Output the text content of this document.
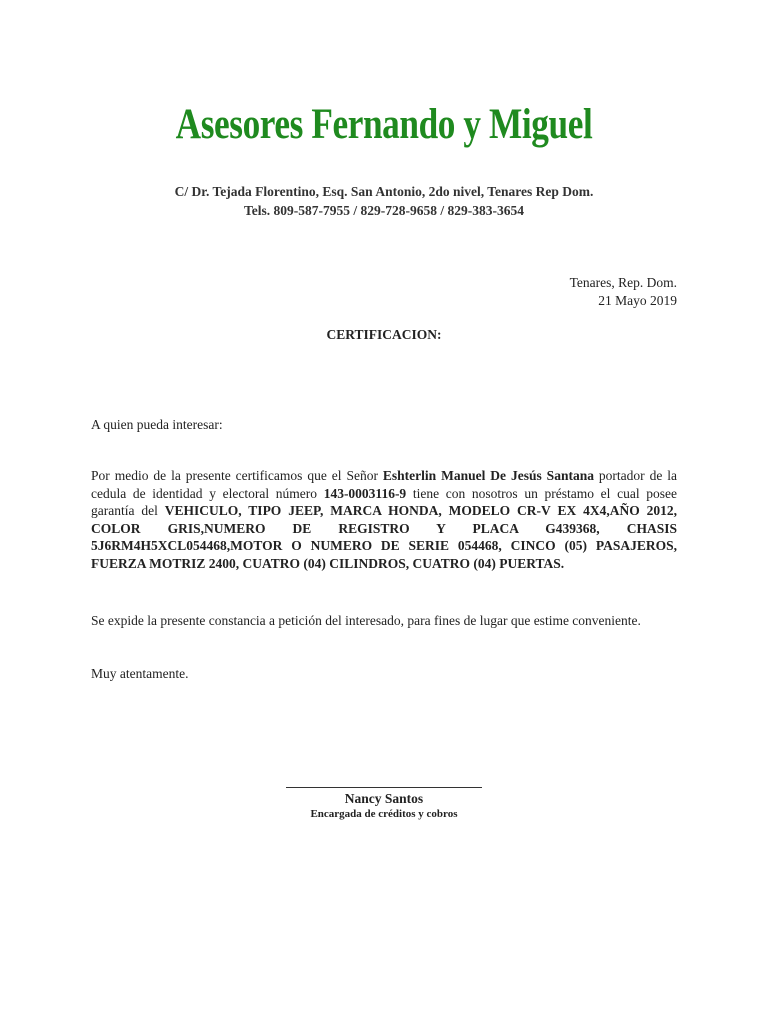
Asesores Fernando y Miguel
C/ Dr. Tejada Florentino, Esq. San Antonio, 2do nivel, Tenares Rep Dom.
Tels. 809-587-7955 / 829-728-9658 / 829-383-3654
Tenares, Rep. Dom.
21 Mayo 2019
CERTIFICACION:
A quien pueda interesar:
Por medio de la presente certificamos que el Señor Eshterlin Manuel De Jesús Santana portador de la cedula de identidad y electoral número 143-0003116-9 tiene con nosotros un préstamo el cual posee garantía del VEHICULO, TIPO JEEP, MARCA HONDA, MODELO CR-V EX 4X4,AÑO 2012, COLOR GRIS,NUMERO DE REGISTRO Y PLACA G439368, CHASIS 5J6RM4H5XCL054468,MOTOR O NUMERO DE SERIE 054468, CINCO (05) PASAJEROS, FUERZA MOTRIZ 2400, CUATRO (04) CILINDROS, CUATRO (04) PUERTAS.
Se expide la presente constancia a petición del interesado, para fines de lugar que estime conveniente.
Muy atentamente.
Nancy Santos
Encargada de créditos y cobros
